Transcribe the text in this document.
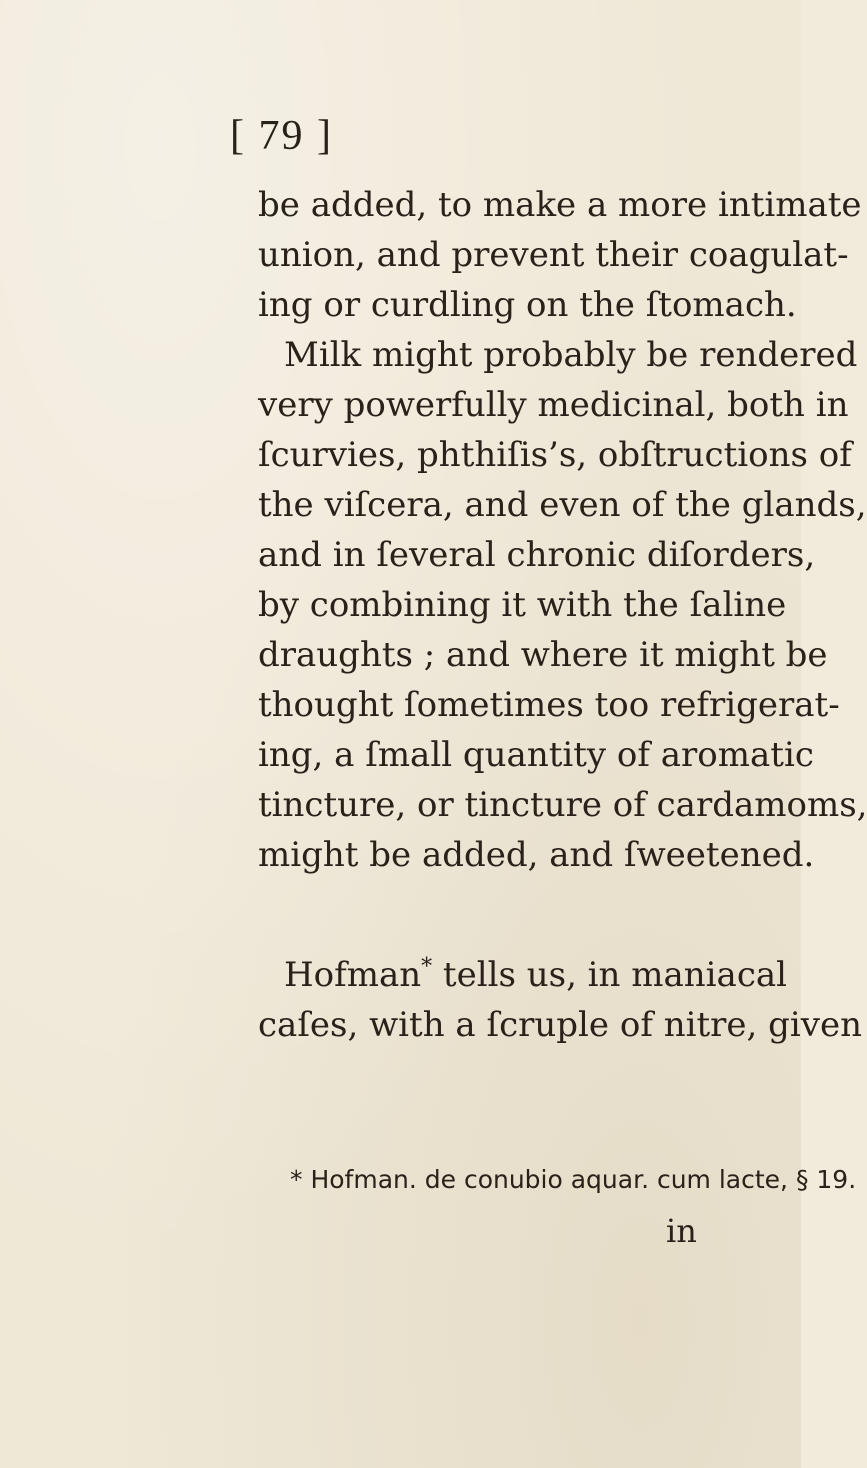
[ 79 ]
be added, to make a more intimate
union, and prevent their coagulat-
ing or curdling on the ſtomach.
Milk might probably be rendered
very powerfully medicinal, both in
ſcurvies, phthiſis’s, obſtructions of
the viſcera, and even of the glands,
and in ſeveral chronic diſorders,
by combining it with the ſaline
draughts ; and where it might be
thought ſometimes too refrigerat-
ing, a ſmall quantity of aromatic
tincture, or tincture of cardamoms,
might be added, and ſweetened.
Hofman* tells us, in maniacal
caſes, with a ſcruple of nitre, given
* Hofman. de conubio aquar. cum lacte, § 19.
in
